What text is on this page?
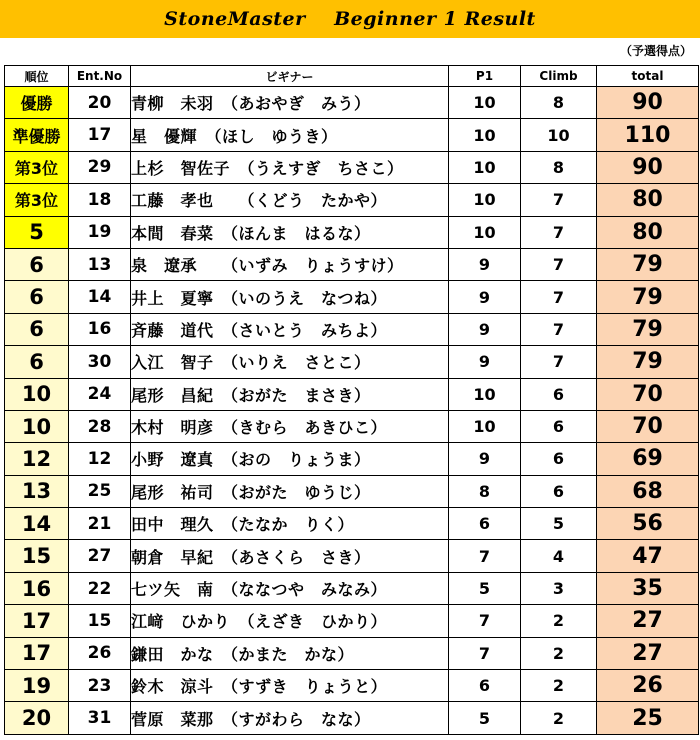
StoneMaster    Beginner 1 Result
（予選得点）
順位	Ent.No	ビギナー	P1	Climb	total
優勝	20	青柳　未羽　（あおやぎ　みう）	10	8	90
準優勝	17	星　優輝　（ほし　ゆうき）	10	10	110
第3位	29	上杉　智佐子　（うえすぎ　ちさこ）	10	8	90
第3位	18	工藤　孝也　　（くどう　たかや）	10	7	80
5	19	本間　春菜　（ほんま　はるな）	10	7	80
6	13	泉　遼承　　（いずみ　りょうすけ）	9	7	79
6	14	井上　夏寧　（いのうえ　なつね）	9	7	79
6	16	斉藤　道代　（さいとう　みちよ）	9	7	79
6	30	入江　智子　（いりえ　さとこ）	9	7	79
10	24	尾形　昌紀　（おがた　まさき）	10	6	70
10	28	木村　明彦　（きむら　あきひこ）	10	6	70
12	12	小野　遼真　（おの　りょうま）	9	6	69
13	25	尾形　祐司　（おがた　ゆうじ）	8	6	68
14	21	田中　理久　（たなか　りく）	6	5	56
15	27	朝倉　早紀　（あさくら　さき）	7	4	47
16	22	七ツ矢　南　（ななつや　みなみ）	5	3	35
17	15	江﨑　ひかり　（えざき　ひかり）	7	2	27
17	26	鎌田　かな　（かまた　かな）	7	2	27
19	23	鈴木　涼斗　（すずき　りょうと）	6	2	26
20	31	菅原　菜那　（すがわら　なな）	5	2	25
